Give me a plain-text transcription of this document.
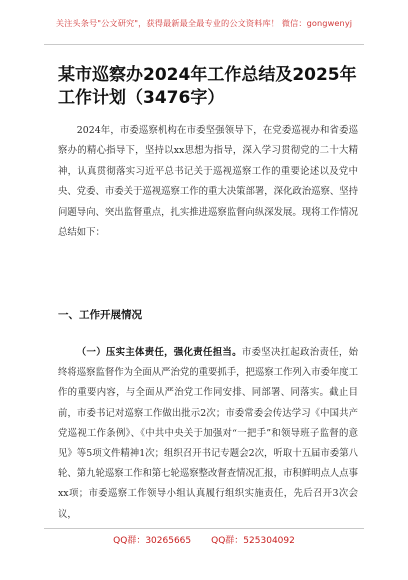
关注头条号"公文研究"，获得最新最全最专业的公文资料库！ 微信：gongwenyj
某市巡察办2024年工作总结及2025年工作计划（3476字）

2024年，市委巡察机构在市委坚强领导下，在党委巡视办和省委巡察办的精心指导下，坚持以xx思想为指导，深入学习贯彻党的二十大精神，认真贯彻落实习近平总书记关于巡视巡察工作的重要论述以及党中央、党委、市委关于巡视巡察工作的重大决策部署，深化政治巡察、坚持问题导向、突出监督重点，扎实推进巡察监督向纵深发展。现将工作情况总结如下：

一、工作开展情况

（一）压实主体责任，强化责任担当。市委坚决扛起政治责任，始终将巡察监督作为全面从严治党的重要抓手，把巡察工作列入市委年度工作的重要内容，与全面从严治党工作同安排、同部署、同落实。截止目前，市委书记对巡察工作做出批示2次；市委常委会传达学习《中国共产党巡视工作条例》、《中共中央关于加强对“一把手”和领导班子监督的意见》等5项文件精神1次；组织召开书记专题会2次，听取十五届市委第八轮、第九轮巡察工作和第七轮巡察整改督查情况汇报，市积鲜明点人点事xx项；市委巡察工作领导小组认真履行组织实施责任，先后召开3次会议，

QQ群：30265665 QQ群：525304092
